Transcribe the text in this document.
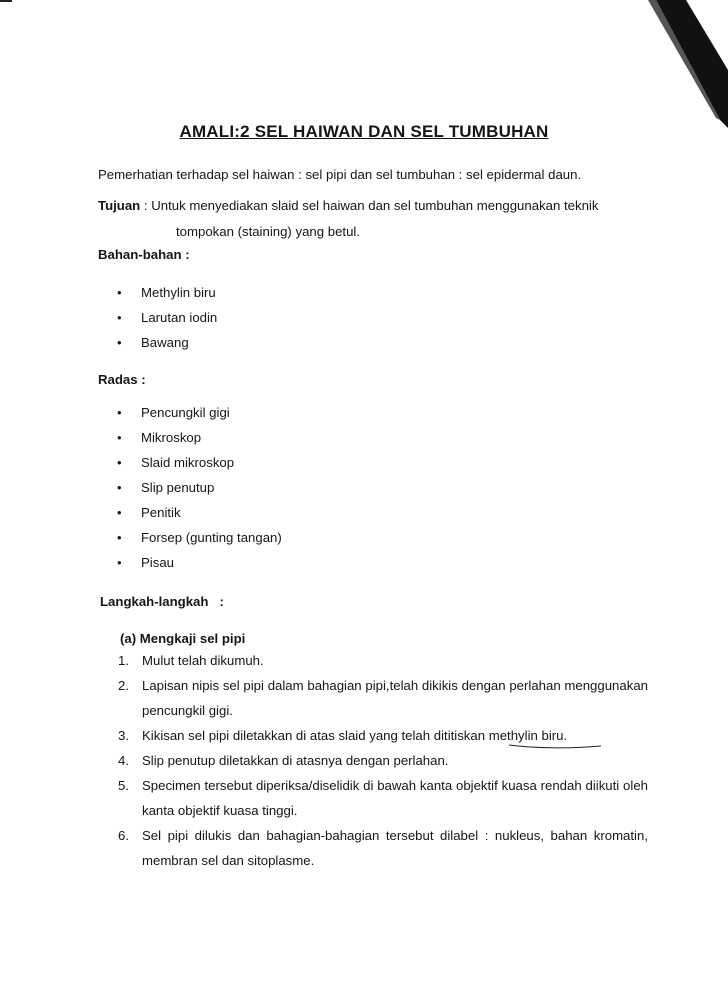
AMALI:2 SEL HAIWAN DAN SEL TUMBUHAN

Pemerhatian terhadap sel haiwan : sel pipi dan sel tumbuhan : sel epidermal daun.

Tujuan : Untuk menyediakan slaid sel haiwan dan sel tumbuhan menggunakan teknik

tompokan (staining) yang betul.

Bahan-bahan :

• Methylin biru
• Larutan iodin
• Bawang

Radas :

• Pencungkil gigi
• Mikroskop
• Slaid mikroskop
• Slip penutup
• Penitik
• Forsep (gunting tangan)
• Pisau

Langkah-langkah   :

(a) Mengkaji sel pipi

1. Mulut telah dikumuh.
2. Lapisan nipis sel pipi dalam bahagian pipi,telah dikikis dengan perlahan menggunakan pencungkil gigi.
3. Kikisan sel pipi diletakkan di atas slaid yang telah dititiskan methylin biru.
4. Slip penutup diletakkan di atasnya dengan perlahan.
5. Specimen tersebut diperiksa/diselidik di bawah kanta objektif kuasa rendah diikuti oleh kanta objektif kuasa tinggi.
6. Sel pipi dilukis dan bahagian-bahagian tersebut dilabel : nukleus, bahan kromatin, membran sel dan sitoplasme.
